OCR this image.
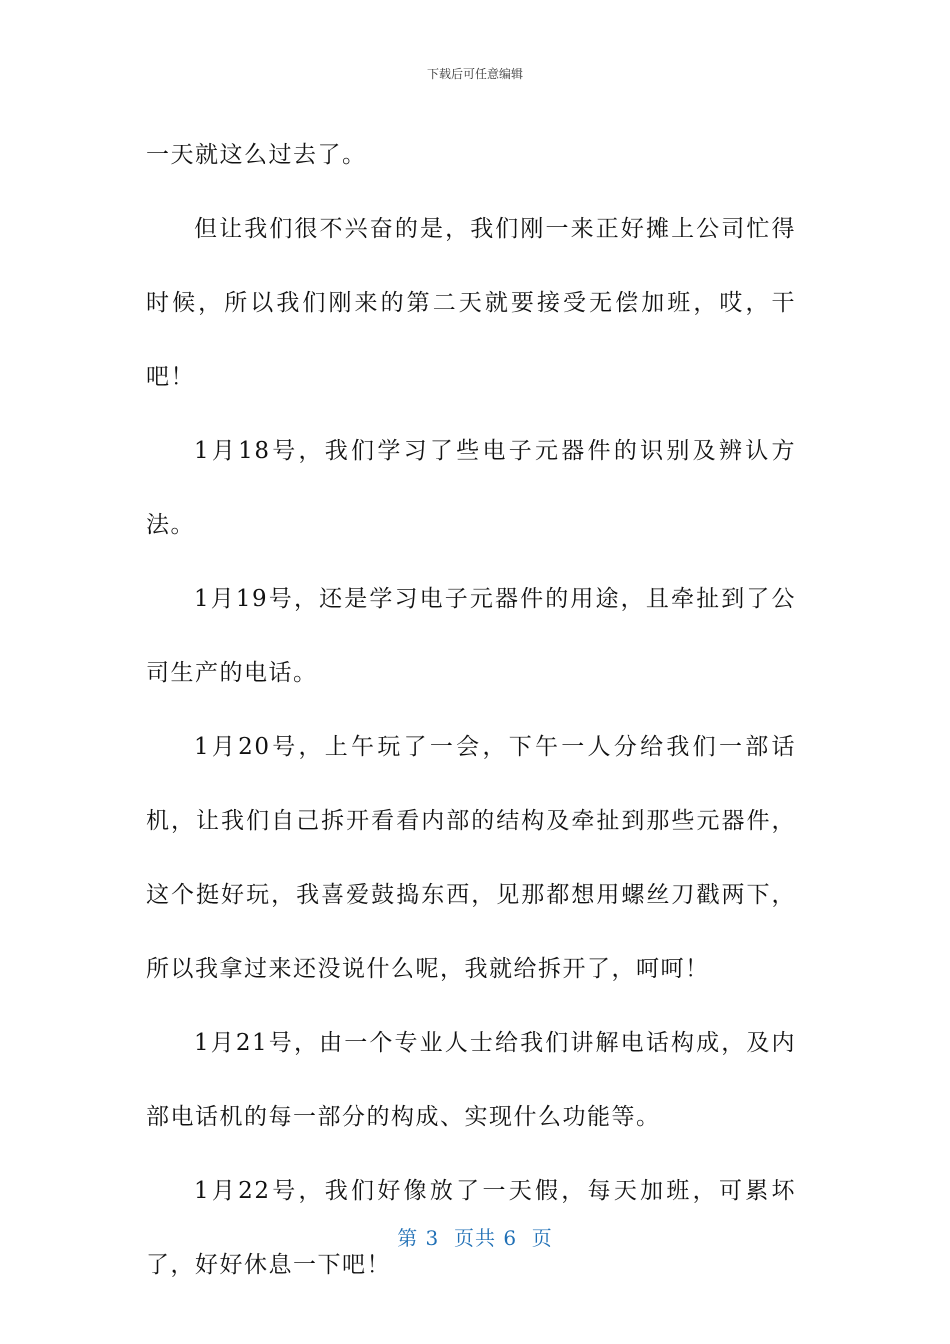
下载后可任意编辑

一天就这么过去了。

但让我们很不兴奋的是，我们刚一来正好摊上公司忙得时候，所以我们刚来的第二天就要接受无偿加班，哎，干吧！

1月18号，我们学习了些电子元器件的识别及辨认方法。

1月19号，还是学习电子元器件的用途，且牵扯到了公司生产的电话。

1月20号，上午玩了一会，下午一人分给我们一部话机，让我们自己拆开看看内部的结构及牵扯到那些元器件，这个挺好玩，我喜爱鼓捣东西，见那都想用螺丝刀戳两下，所以我拿过来还没说什么呢，我就给拆开了，呵呵！

1月21号，由一个专业人士给我们讲解电话构成，及内部电话机的每一部分的构成、实现什么功能等。

1月22号，我们好像放了一天假，每天加班，可累坏了，好好休息一下吧！

第 3  页共 6  页
